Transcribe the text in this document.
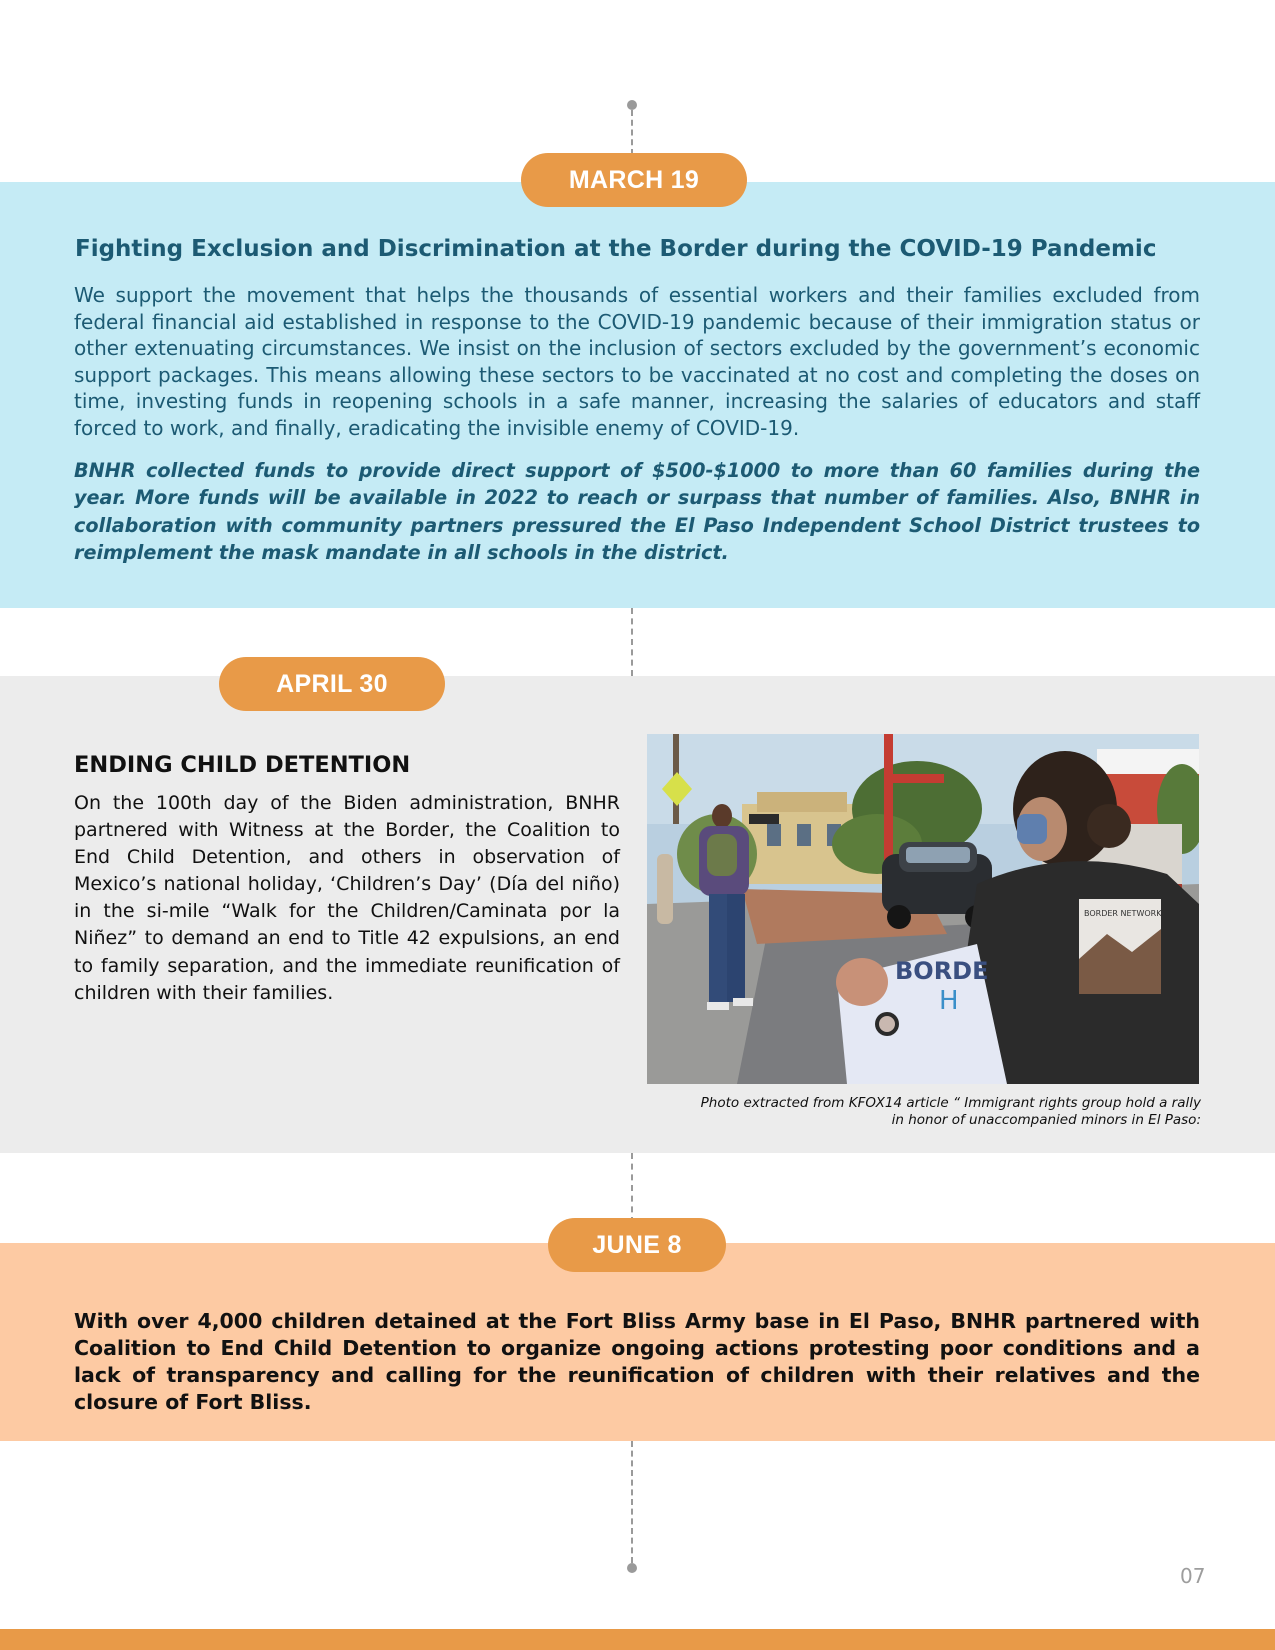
MARCH 19
Fighting Exclusion and Discrimination at the Border during the COVID-19 Pandemic

We support the movement that helps the thousands of essential workers and their families excluded from federal financial aid established in response to the COVID-19 pandemic because of their immigration status or other extenuating circumstances. We insist on the inclusion of sectors excluded by the government’s economic support packages. This means allowing these sectors to be vaccinated at no cost and completing the doses on time, investing funds in reopening schools in a safe manner, increasing the salaries of educators and staff forced to work, and finally, eradicating the invisible enemy of COVID-19.

BNHR collected funds to provide direct support of $500-$1000 to more than 60 families during the year. More funds will be available in 2022 to reach or surpass that number of families. Also, BNHR in collaboration with community partners pressured the El Paso Independent School District trustees to reimplement the mask mandate in all schools in the district.

APRIL 30
ENDING CHILD DETENTION

On the 100th day of the Biden administration, BNHR partnered with Witness at the Border, the Coalition to End Child Detention, and others in observation of Mexico’s national holiday, ‘Children’s Day’ (Día del niño) in the si-mile “Walk for the Children/Caminata por la Niñez” to demand an end to Title 42 expulsions, an end to family separation, and the immediate reunification of children with their families.

BORDER NETWORK
BORDE
H

Photo extracted from KFOX14 article “ Immigrant rights group hold a rally
in honor of unaccompanied minors in El Paso:

JUNE 8

With over 4,000 children detained at the Fort Bliss Army base in El Paso, BNHR partnered with Coalition to End Child Detention to organize ongoing actions protesting poor conditions and a lack of transparency and calling for the reunification of children with their relatives and the closure of Fort Bliss.

07
